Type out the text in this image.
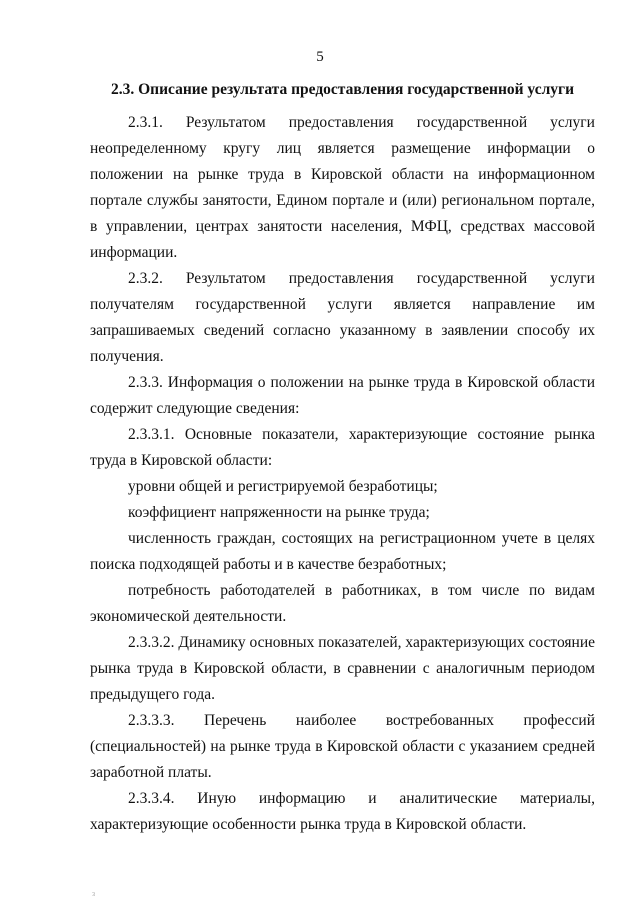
5
2.3. Описание результата предоставления государственной услуги
2.3.1. Результатом предоставления государственной услуги

неопределенному кругу лиц является размещение информации о положении на рынке труда в Кировской области на информационном портале службы занятости, Едином портале и (или) региональном портале, в управлении, центрах занятости населения, МФЦ, средствах массовой информации.

2.3.2. Результатом предоставления государственной услуги

получателям государственной услуги является направление им запрашиваемых сведений согласно указанному в заявлении способу их получения.

2.3.3. Информация о положении на рынке труда в Кировской области содержит следующие сведения:

2.3.3.1. Основные показатели, характеризующие состояние рынка труда в Кировской области:

уровни общей и регистрируемой безработицы;

коэффициент напряженности на рынке труда;

численность граждан, состоящих на регистрационном учете в целях поиска подходящей работы и в качестве безработных;

потребность работодателей в работниках, в том числе по видам экономической деятельности.

2.3.3.2. Динамику основных показателей, характеризующих состояние рынка труда в Кировской области, в сравнении с аналогичным периодом предыдущего года.

2.3.3.3. Перечень наиболее востребованных профессий

(специальностей) на рынке труда в Кировской области с указанием средней заработной платы.

2.3.3.4. Иную информацию и аналитические материалы,

характеризующие особенности рынка труда в Кировской области.

₃
